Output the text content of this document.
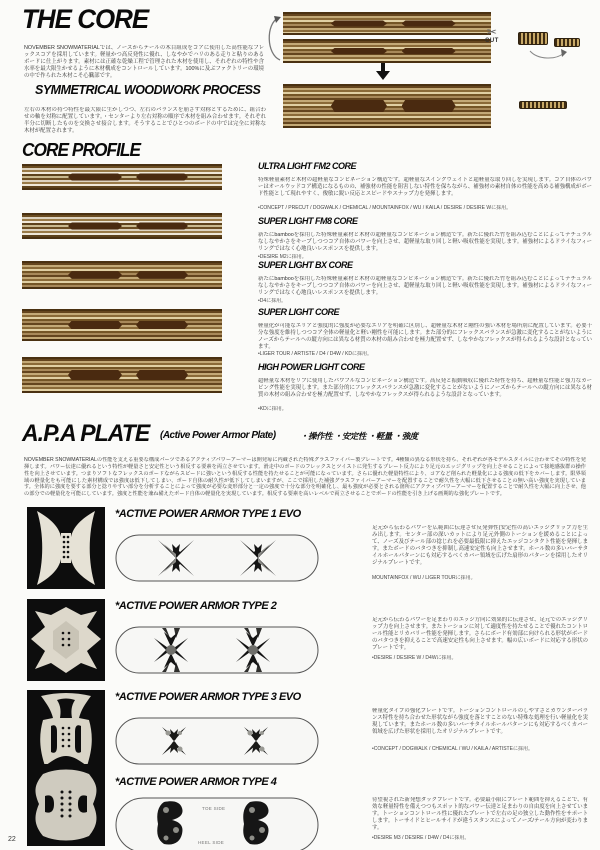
THE CORE

NOVEMBER SNOWMATERIALでは、ノーズからテールの木目組成をコアに使用した高性能なフレックスコアを採用しています。軽量かつ高反発性に優れ、しなやかでハリのある走りと粘りのあるボードに仕上がります。素材には正確な乾燥工程で管理された木材を使用し、それぞれの特性や含水率を最大限生かせるように木材構成をコントロールしています。100%に及ぶファクトリーの環境の中で作られた木材こそ心臓部です。

✂
CUT
SYMMETRICAL WOODWORK PROCESS

左右の木材の持つ特性を最大限に生かしつつ、左右のバランスを崩さず対称とするために、組合わせの軸を対称に配置しています。・センターより左右対称の順序で木材を組み合わせます。それぞれ半分に切断したものを交換させ接合します。そうすることでひとつのボードの中では完全に対称な木材が配置されます。

CORE PROFILE
ULTRA LIGHT FM2 CORE

特殊軽量素材と木材の超軽量なコンビネーション構造です。超軽量なスイングウェイトと超軽量な取り回しを実現します。コア自体のパワーはオールウッドコア構造になるものの、補強材の性能を阻害しない特性を保ちながら、補強材の素材自体の性能を高める補強構成がボード性能として現れやすく、俊敏に鋭い反応とスピードやスナップ力を発揮します。

•CONCEPT / PRECUT / DOGWALK / CHEMICAL / MOUNTAINFOX / WU / KAILA / DESIRE / DESIRE Wに採用。

SUPER LIGHT FM8 CORE

新たにbambooを採用した特殊軽量素材と木材の超軽量なコンビネーション構造です。新たに優れた竹を組み込むことによってナチュラルなしなやかさをキープしつつコア自体のパワーを向上させ、超軽量な取り回しと軽い吸収性能を実現します。補強材によるドライなフィーリングではなく心地良いレスポンスを提供します。

•DESIRE M2に採用。

SUPER LIGHT BX CORE

新たにbambooを採用した特殊軽量素材と木材の超軽量なコンビネーション構造です。新たに優れた竹を組み込むことによってナチュラルなしなやかさをキープしつつコア自体のパワーを向上させ、超軽量な取り回しと軽い吸収性能を実現します。補強材によるドライなフィーリングではなく心地良いレスポンスを提供します。

•D4に採用。

SUPER LIGHT CORE

軽量化が可能なエリアと強度的に強度が必要なエリアを明確に区別し、超軽量な木材と剛性の強い木材を場所別に配置しています。必要十分な強度を維持しつつコア全体の軽量化と軽い剛性を可能にします。また部分的にフレックスバランスが急激に変化することがないようにノーズからテールへの縦方向には異なる材質の木材の組み合わせを極力配置せず、しなやかなフレックスが得られるような設計となっています。

•LIGER TOUR / ARTISTE / D4 / D4W / KDに採用。

HIGH POWER LIGHT CORE

超軽量な木材をリブに使用したパワフルなコンビネーション構造です。高反発と振動吸収に優れた特性を持ち、超軽量な性能と強力なカービング性能を実現します。また部分的にフレックスバランスが急激に変化することがないようにノーズからテールへの縦方向には異なる材質の木材の組み合わせを極力配置せず、しなやかなフレックスが得られるような設計となっています。

•KDに採用。

A.P.A PLATE (Active Power Armor Plate)	・操作性 ・安定性 ・軽量 ・強度

NOVEMBER SNOWMATERIALの性能を支える重要な構成パーツであるアクティブパワーアーマーは開発毎に内蔵された特殊グラスファイバー製プレートです。4種類の異なる形状を持ち、それぞれが各モデルスタイルに合わせてその特性を発揮します。パワー伝達に優れるという特性が軽量さと安定性という相反する要素を両立させています。滑走中のボードのフレックスとツイストに発生するプレート反力により足元のエッジグリップを向上させることによって接地感抜群の操作性を向上させています。つまりソフトなフレックスのボードながらスピードに強いという相反する性能を持たせることが可能になっています。さらに優れた軽量特性により、コアなど削られた軽量化による強度の低下をカバーします。限界領域の軽量化をも可能にした素材構成では強度は低下してしまい、ボード自体の耐久性が低下してしまいますが、ここで採用した補強グラスファイバーアーマーを配置することで耐久性を大幅に低下させることの無い高い強度を実現しています。全体的に強度を要する部分と捻りやすい部分を分析することによって強度が必要な変形部分と一定の強度で十分な部分を明確化し、最も強度が必要とされる箇所にアクティブパワーアーマーを配置することで耐久性を大幅に向上させ、他の部分での軽量化を可能にしています。強度と性能を兼ね備えたボード自体の軽量化を実現しています。相反する要素を高いレベルで両立させることでボードの性能を引き上げる画期的な強化プレートです。

*ACTIVE POWER ARMOR TYPE 1 EVO

足元から伝わるパワーを広範囲に伝達させ反発弾性(安定性の高いエッジグリップ力を生み出します。センター部の深いカットにより足元外側のトーションを緩めることによって、ノーズ及びテール部の捻じれを必要最低限に抑えたエッジコンタクト性能を発揮します。またボードのバタつきを抑制し高速安定性も向上させます。ホール数の多いバーサタイルホールパターンにも対応するべくカバー領域を広げた扇形のパターンを採用したオリジナルプレートです。

MOUNTAINFOX / WU / LIGER TOURに採用。

*ACTIVE POWER ARMOR TYPE 2

足元から伝わるパワーを足まわりのエッジ方向に効果的に伝達させ、足元でのエッジグリップ力を向上させます。またトーションに対して適度性を持たせることで優れたコントロール性能とリカバリー性能を発揮します。さらにボード有効部に向けられる形状がボードのバタつきを抑えることで高速安定性も向上させます。幅の広いボードに対応する形状のプレートです。

•DESIRE / DESIRE W / D4Wに採用。

*ACTIVE POWER ARMOR TYPE 3 EVO

軽量化タイプの強化プレートです。トーションコントロールのしやすさとカウンターバランス特性を持ち合わせた形状ながら強度を落とすことのない特殊な処理を行い軽量化を実現しています。またホール数の多いバーサタイルホールパターンにも対応するべくカバー領域を広げた形状を採用したオリジナルプレートです。

•CONCEPT / DOGWALK / CHEMICAL / WU / KAILA / ARTISTEに採用。

*ACTIVE POWER ARMOR TYPE 4
TOE SIDE
HEEL SIDE

待望視された新発想ダックプレートです。必要最小限にプレート範囲を抑えることで、有効な軽量特性を備えつつもスポット的なパワー伝達と足まわりの自由度を向上させています。トーションコントロール性に優れたプレートで左右の足の独立した動作性をサポートします。トーサイドとヒールサイドが違うスタンスによってノーズ/テール方向が変わります。

•DESIRE M3 / DESIRE / D4W / D4に採用。

22
